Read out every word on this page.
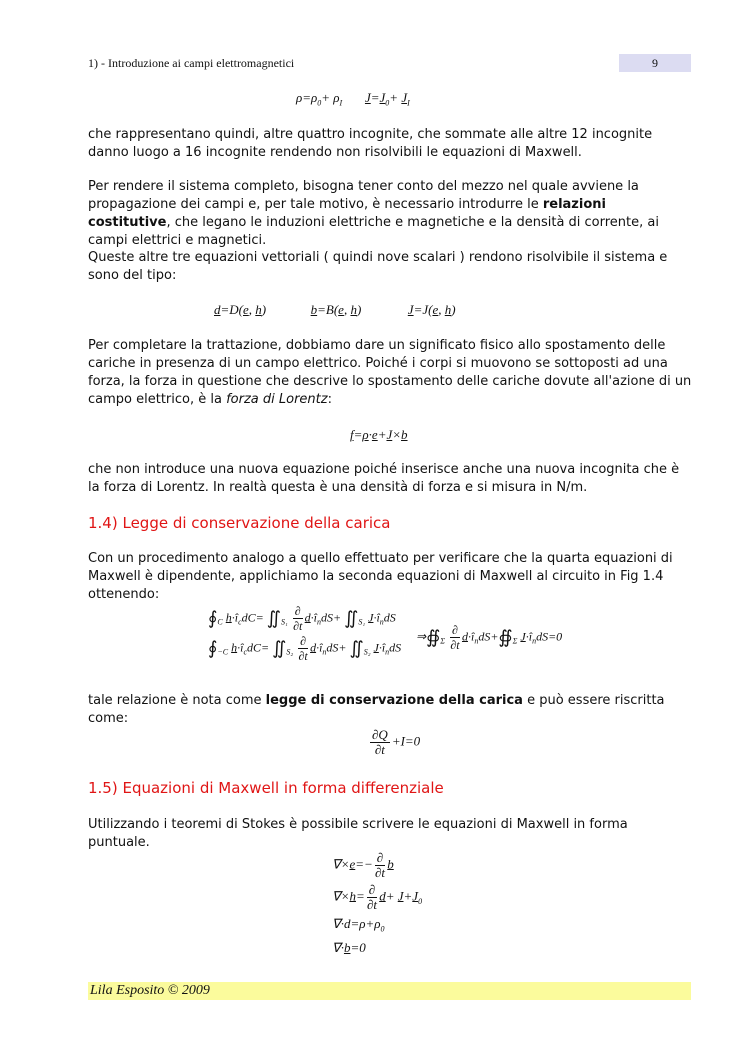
1) - Introduzione ai campi elettromagnetici	9
$\rho=\rho_0+ \rho_I$ $J=J_0+ J_I$
che rappresentano quindi, altre quattro incognite, che sommate alle altre 12 incognite danno luogo a 16 incognite rendendo non risolvibili le equazioni di Maxwell.
Per rendere il sistema completo, bisogna tener conto del mezzo nel quale avviene la propagazione dei campi e, per tale motivo, è necessario introdurre le relazioni costitutive, che legano le induzioni elettriche e magnetiche e la densità di corrente, ai campi elettrici e magnetici.
Queste altre tre equazioni vettoriali ( quindi nove scalari ) rendono risolvibile il sistema e sono del tipo:
d=D(e, h)	b=B(e, h)	J=J(e, h)
Per completare la trattazione, dobbiamo dare un significato fisico allo spostamento delle cariche in presenza di un campo elettrico. Poiché i corpi si muovono se sottoposti ad una forza, la forza in questione che descrive lo spostamento delle cariche dovute all'azione di un campo elettrico, è la forza di Lorentz:
f=ρ·e+J×b
che non introduce una nuova equazione poiché inserisce anche una nuova incognita che è la forza di Lorentz. In realtà questa è una densità di forza e si misura in N/m.
1.4) Legge di conservazione della carica
Con un procedimento analogo a quello effettuato per verificare che la quarta equazioni di Maxwell è dipendente, applichiamo la seconda equazioni di Maxwell al circuito in Fig 1.4 ottenendo:
$∮_C$ $h\cdot î_cdC=$ $∬_{S_1} \frac{\partial}{\partial t}$ $d\cdot î_ndS+$ $∬_{S_1}$ $J\cdot î_ndS$
$∮_{-C}$ $h\cdot î_cdC=$ $∬_{S_2} \frac{\partial}{\partial t}$ $d\cdot î_ndS+$ $∬_{S_2}$ $J\cdot î_ndS$
$\Rightarrow∯_\Sigma \frac{\partial}{\partial t}$ $d\cdot î_ndS+∯_\Sigma$ $J\cdot î_ndS=0$
tale relazione è nota come legge di conservazione della carica e può essere riscritta come:
$\frac{\partial Q}{\partial t} +I=0$
1.5) Equazioni di Maxwell in forma differenziale
Utilizzando i teoremi di Stokes è possibile scrivere le equazioni di Maxwell in forma puntuale.
$\nabla\times e=- \frac{\partial}{\partial t}$ b
$\nabla\times h= \frac{\partial}{\partial t} d+ J+J_0$
$\nabla\cdot d=\rho+\rho_0$
∇·b=0
Lila Esposito © 2009
